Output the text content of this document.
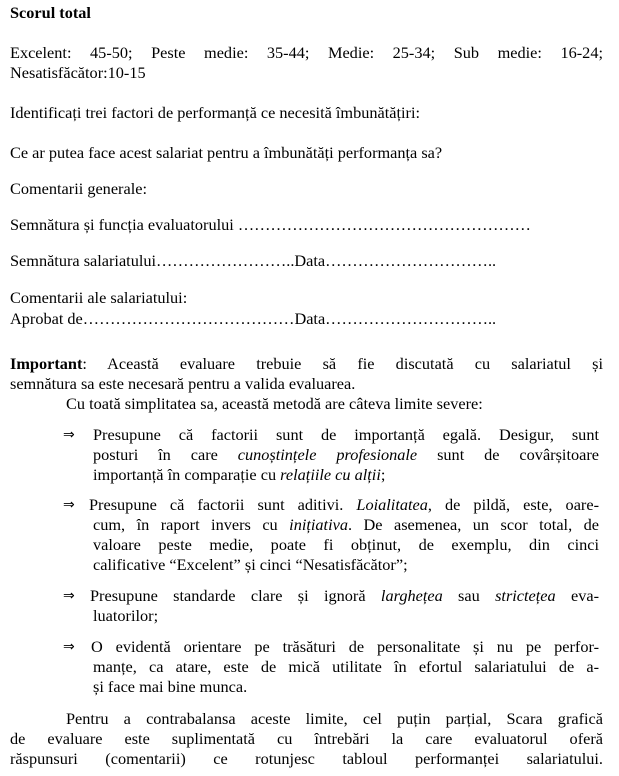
Scorul total
Excelent: 45-50; Peste medie: 35-44; Medie: 25-34; Sub medie: 16-24;
Nesatisfăcător:10-15
Identificați trei factori de performanță ce necesită îmbunătățiri:
Ce ar putea face acest salariat pentru a îmbunătăți performanța sa?
Comentarii generale:
Semnătura și funcția evaluatorului ………………………………………………
Semnătura salariatului……………………..Data…………………………..
Comentarii ale salariatului:
Aprobat de…………………………………Data…………………………..
Important: Această evaluare trebuie să fie discutată cu salariatul și
semnătura sa este necesară pentru a valida evaluarea.
Cu toată simplitatea sa, această metodă are câteva limite severe:
⇒ Presupune că factorii sunt de importanță egală. Desigur, sunt
posturi în care cunoștințele profesionale sunt de covârșitoare
importanță în comparație cu relațiile cu alții;
⇒ Presupune că factorii sunt aditivi. Loialitatea, de pildă, este, oare-
cum, în raport invers cu inițiativa. De asemenea, un scor total, de
valoare peste medie, poate fi obținut, de exemplu, din cinci
calificative “Excelent” și cinci “Nesatisfăcător”;
⇒ Presupune standarde clare și ignoră larghețea sau strictețea eva-
luatorilor;
⇒ O evidentă orientare pe trăsături de personalitate și nu pe perfor-
manțe, ca atare, este de mică utilitate în efortul salariatului de a-
și face mai bine munca.
Pentru a contrabalansa aceste limite, cel puțin parțial, Scara grafică
de evaluare este suplimentată cu întrebări la care evaluatorul oferă
răspunsuri (comentarii) ce rotunjesc tabloul performanței salariatului.
